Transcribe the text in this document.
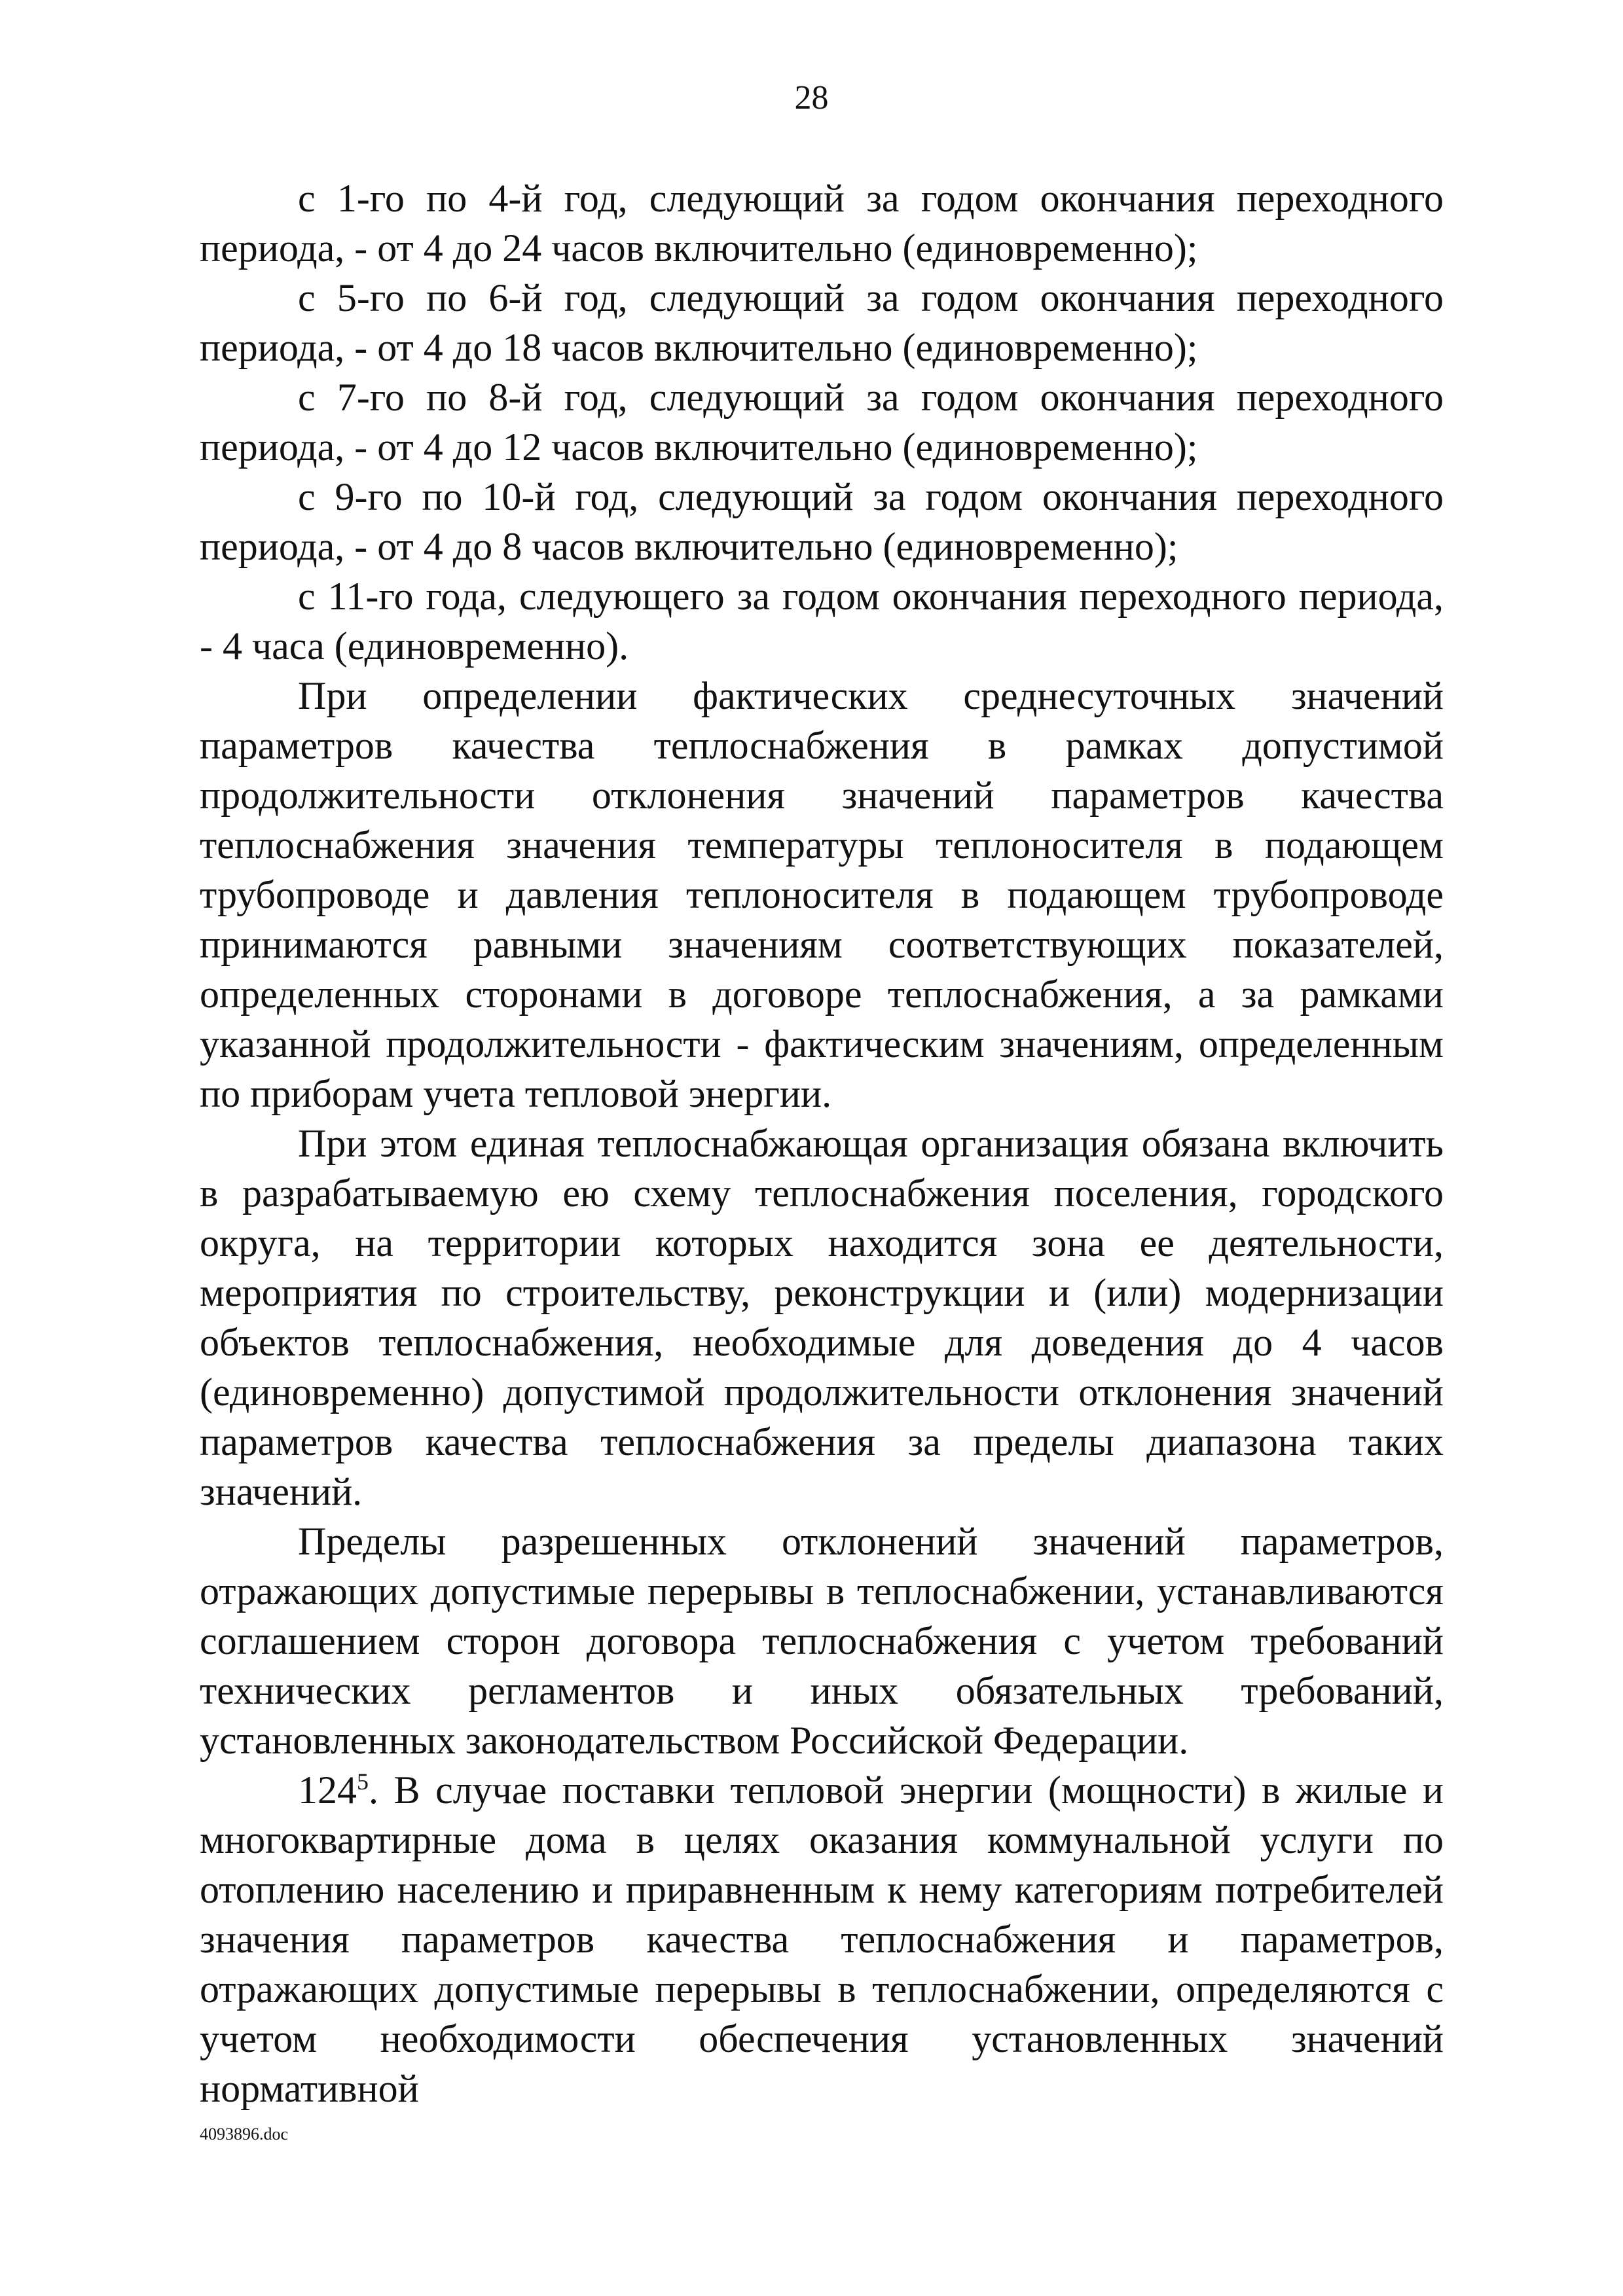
28

с 1-го по 4-й год, следующий за годом окончания переходного периода, - от 4 до 24 часов включительно (единовременно);

с 5-го по 6-й год, следующий за годом окончания переходного периода, - от 4 до 18 часов включительно (единовременно);

с 7-го по 8-й год, следующий за годом окончания переходного периода, - от 4 до 12 часов включительно (единовременно);

с 9-го по 10-й год, следующий за годом окончания переходного периода, - от 4 до 8 часов включительно (единовременно);

с 11-го года, следующего за годом окончания переходного периода, - 4 часа (единовременно).

При определении фактических среднесуточных значений параметров качества теплоснабжения в рамках допустимой продолжительности отклонения значений параметров качества теплоснабжения значения температуры теплоносителя в подающем трубопроводе и давления теплоносителя в подающем трубопроводе принимаются равными значениям соответствующих показателей, определенных сторонами в договоре теплоснабжения, а за рамками указанной продолжительности - фактическим значениям, определенным по приборам учета тепловой энергии.

При этом единая теплоснабжающая организация обязана включить в разрабатываемую ею схему теплоснабжения поселения, городского округа, на территории которых находится зона ее деятельности, мероприятия по строительству, реконструкции и (или) модернизации объектов теплоснабжения, необходимые для доведения до 4 часов (единовременно) допустимой продолжительности отклонения значений параметров качества теплоснабжения за пределы диапазона таких значений.

Пределы разрешенных отклонений значений параметров, отражающих допустимые перерывы в теплоснабжении, устанавливаются соглашением сторон договора теплоснабжения с учетом требований технических регламентов и иных обязательных требований, установленных законодательством Российской Федерации.

$124^5$. В случае поставки тепловой энергии (мощности) в жилые и многоквартирные дома в целях оказания коммунальной услуги по отоплению населению и приравненным к нему категориям потребителей значения параметров качества теплоснабжения и параметров, отражающих допустимые перерывы в теплоснабжении, определяются с учетом необходимости обеспечения установленных значений нормативной

4093896.doc
